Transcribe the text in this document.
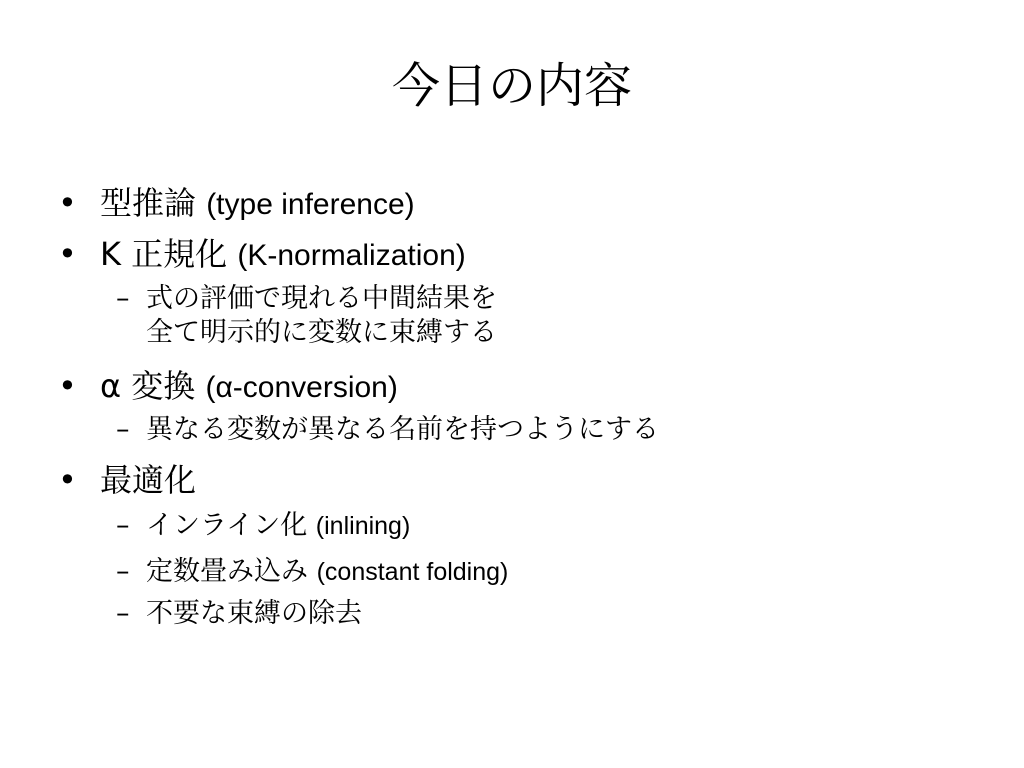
今日の内容
• 型推論 (type inference)
• K 正規化 (K-normalization)
– 式の評価で現れる中間結果を
全て明示的に変数に束縛する
• α 変換 (α-conversion)
– 異なる変数が異なる名前を持つようにする
• 最適化
– インライン化 (inlining)
– 定数畳み込み (constant folding)
– 不要な束縛の除去
